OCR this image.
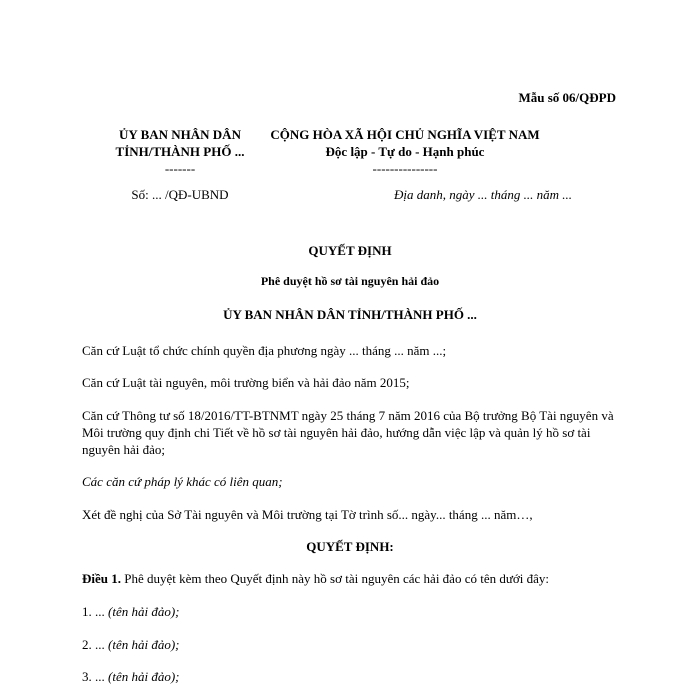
Mẫu số 06/QĐPD
ỦY BAN NHÂN DÂN
TỈNH/THÀNH PHỐ ...
-------
Số: ... /QĐ-UBND
CỘNG HÒA XÃ HỘI CHỦ NGHĨA VIỆT NAM
Độc lập - Tự do - Hạnh phúc
---------------
Địa danh, ngày ... tháng ... năm ...
QUYẾT ĐỊNH
Phê duyệt hồ sơ tài nguyên hải đảo
ỦY BAN NHÂN DÂN TỈNH/THÀNH PHỐ ...
Căn cứ Luật tổ chức chính quyền địa phương ngày ... tháng ... năm ...;
Căn cứ Luật tài nguyên, môi trường biển và hải đảo năm 2015;
Căn cứ Thông tư số 18/2016/TT-BTNMT ngày 25 tháng 7 năm 2016 của Bộ trưởng Bộ Tài nguyên và Môi trường quy định chi Tiết về hồ sơ tài nguyên hải đảo, hướng dẫn việc lập và quản lý hồ sơ tài nguyên hải đảo;
Các căn cứ pháp lý khác có liên quan;
Xét đề nghị của Sở Tài nguyên và Môi trường tại Tờ trình số... ngày... tháng ... năm…,
QUYẾT ĐỊNH:
Điều 1. Phê duyệt kèm theo Quyết định này hồ sơ tài nguyên các hải đảo có tên dưới đây:
1. ... (tên hải đảo);
2. ... (tên hải đảo);
3. ... (tên hải đảo);
